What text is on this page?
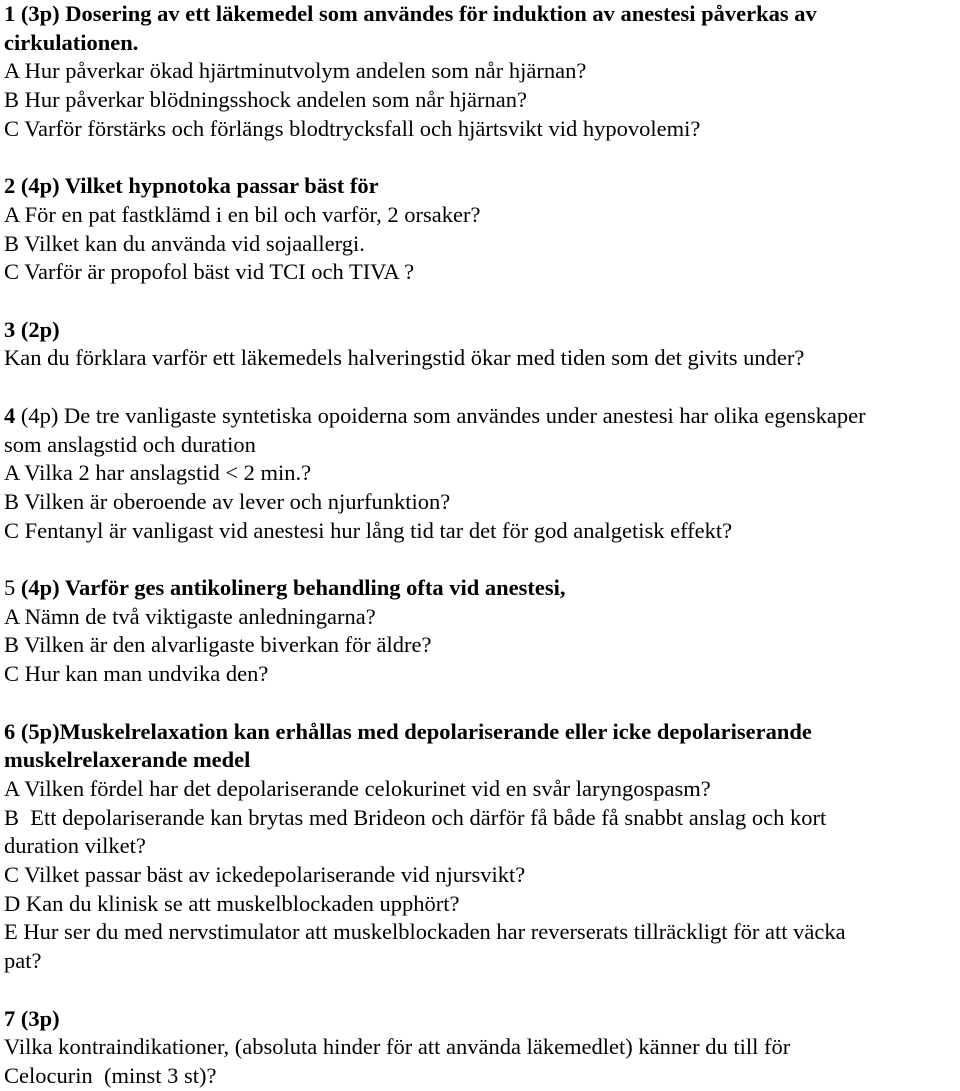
1 (3p) Dosering av ett läkemedel som användes för induktion av anestesi påverkas av
cirkulationen.
A Hur påverkar ökad hjärtminutvolym andelen som når hjärnan?
B Hur påverkar blödningsshock andelen som når hjärnan?
C Varför förstärks och förlängs blodtrycksfall och hjärtsvikt vid hypovolemi?
2 (4p) Vilket hypnotoka passar bäst för
A För en pat fastklämd i en bil och varför, 2 orsaker?
B Vilket kan du använda vid sojaallergi.
C Varför är propofol bäst vid TCI och TIVA ?
3 (2p)
Kan du förklara varför ett läkemedels halveringstid ökar med tiden som det givits under?
4 (4p) De tre vanligaste syntetiska opoiderna som användes under anestesi har olika egenskaper
som anslagstid och duration
A Vilka 2 har anslagstid < 2 min.?
B Vilken är oberoende av lever och njurfunktion?
C Fentanyl är vanligast vid anestesi hur lång tid tar det för god analgetisk effekt?
5 (4p) Varför ges antikolinerg behandling ofta vid anestesi,
A Nämn de två viktigaste anledningarna?
B Vilken är den alvarligaste biverkan för äldre?
C Hur kan man undvika den?
6 (5p)Muskelrelaxation kan erhållas med depolariserande eller icke depolariserande
muskelrelaxerande medel
A Vilken fördel har det depolariserande celokurinet vid en svår laryngospasm?
B  Ett depolariserande kan brytas med Brideon och därför få både få snabbt anslag och kort
duration vilket?
C Vilket passar bäst av ickedepolariserande vid njursvikt?
D Kan du klinisk se att muskelblockaden upphört?
E Hur ser du med nervstimulator att muskelblockaden har reverserats tillräckligt för att väcka
pat?
7 (3p)
Vilka kontraindikationer, (absoluta hinder för att använda läkemedlet) känner du till för
Celocurin  (minst 3 st)?
